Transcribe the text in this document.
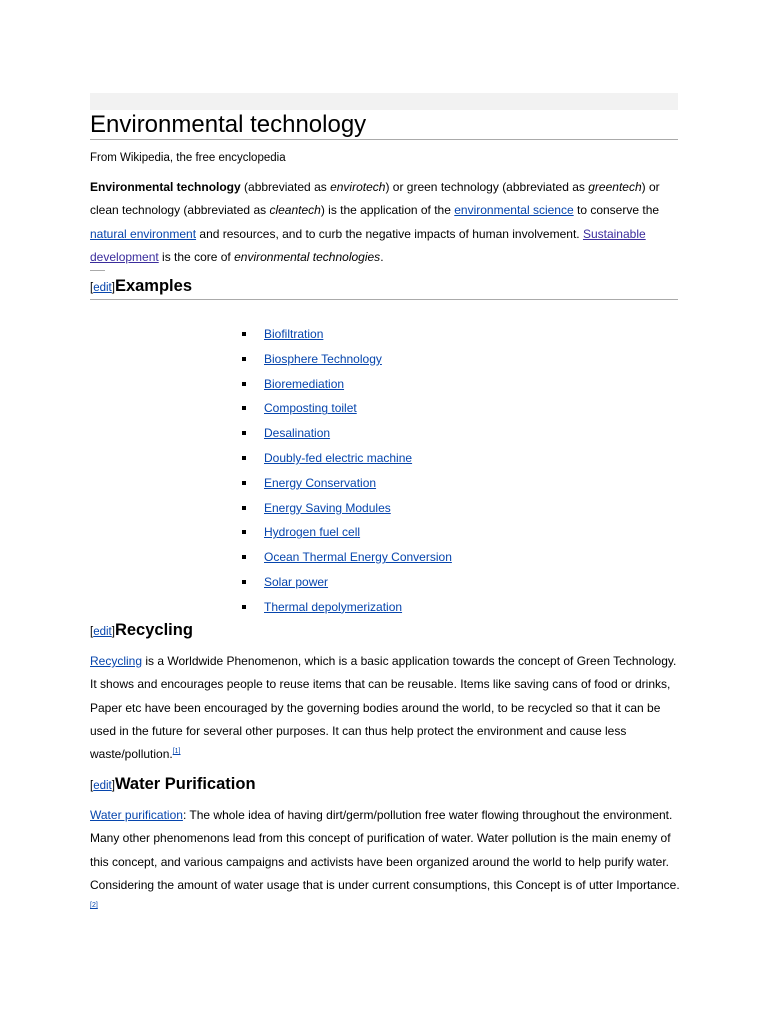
Environmental technology
From Wikipedia, the free encyclopedia
Environmental technology (abbreviated as envirotech) or green technology (abbreviated as greentech) or clean technology (abbreviated as cleantech) is the application of the environmental science to conserve the natural environment and resources, and to curb the negative impacts of human involvement. Sustainable development is the core of environmental technologies.
[edit]Examples
Biofiltration
Biosphere Technology
Bioremediation
Composting toilet
Desalination
Doubly-fed electric machine
Energy Conservation
Energy Saving Modules
Hydrogen fuel cell
Ocean Thermal Energy Conversion
Solar power
Thermal depolymerization
[edit]Recycling
Recycling is a Worldwide Phenomenon, which is a basic application towards the concept of Green Technology. It shows and encourages people to reuse items that can be reusable. Items like saving cans of food or drinks, Paper etc have been encouraged by the governing bodies around the world, to be recycled so that it can be used in the future for several other purposes. It can thus help protect the environment and cause less waste/pollution.[1]
[edit]Water Purification
Water purification: The whole idea of having dirt/germ/pollution free water flowing throughout the environment. Many other phenomenons lead from this concept of purification of water. Water pollution is the main enemy of this concept, and various campaigns and activists have been organized around the world to help purify water. Considering the amount of water usage that is under current consumptions, this Concept is of utter Importance.
[2]
